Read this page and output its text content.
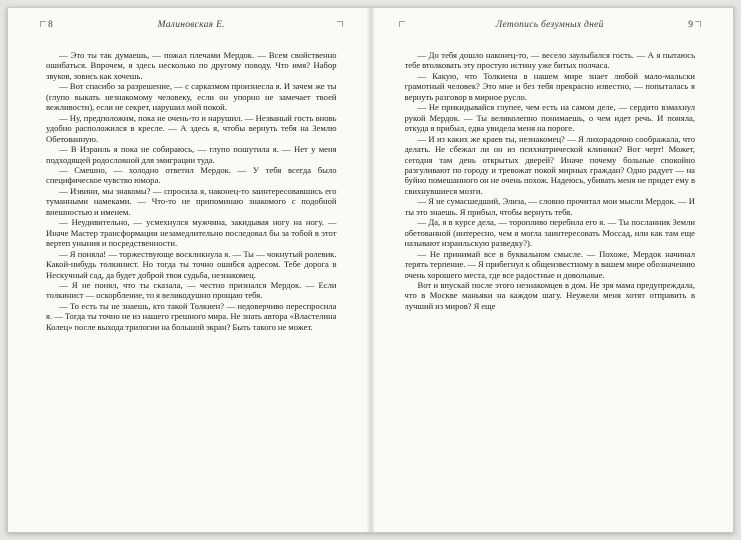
8	Малиновская Е.

— Это ты так думаешь, — пожал плечами Мердок. — Всем свойственно ошибаться. Впрочем, я здесь несколько по другому поводу. Что имя? Набор звуков, зовись как хочешь.

— Вот спасибо за разрешение, — с сарказмом произнесла я. И зачем же ты (глупо выкать незнакомому человеку, если он упорно не замечает твоей вежливости), если не секрет, нарушил мой покой.

— Ну, предположим, пока не очень-то и нарушил. — Незваный гость вновь удобно расположился в кресле. — А здесь я, чтобы вернуть тебя на Землю Обетованную.

— В Израиль я пока не собираюсь, — глупо пошутила я. — Нет у меня подходящей родословной для эмиграции туда.

— Смешно, — холодно ответил Мердок. — У тебя всегда было специфическое чувство юмора.

— Извини, мы знакомы? — спросила я, наконец-то заинтересовавшись его туманными намеками. — Что-то не припоминаю знакомого с подобной внешностью и именем.

— Неудивительно, — усмехнулся мужчина, закидывая ногу на ногу. — Иначе Мастер трансформации незамедлительно последовал бы за тобой в этот вертеп уныния и посредственности.

— Я поняла! — торжествующе воскликнула я. — Ты — чокнутый ролевик. Какой-нибудь толкинист. Но тогда ты точно ошибся адресом. Тебе дорога в Нескучный сад, да будет доброй твоя судьба, незнакомец.

— Я не понял, что ты сказала, — честно признался Мердок. — Если толкинист — оскорбление, то я великодушно прощаю тебя.

— То есть ты не знаешь, кто такой Толкиен? — недоверчиво переспросила я. — Тогда ты точно не из нашего грешного мира. Не знать автора «Властелина Колец» после выхода трилогии на большой экран? Быть такого не может.

Летопись безумных дней	9

— До тебя дошло наконец-то, — весело заулыбался гость. — А я пытаюсь тебе втолковать эту простую истину уже битых полчаса.

— Какую, что Толкиена в нашем мире знает любой мало-мальски грамотный человек? Это мне и без тебя прекрасно известно, — попыталась я вернуть разговор в мирное русло.

— Не прикидывайся глупее, чем есть на самом деле, — сердито взмахнул рукой Мердок. — Ты великолепно понимаешь, о чем идет речь. И поняла, откуда я прибыл, едва увидела меня на пороге.

— И из каких же краев ты, незнакомец? — Я лихорадочно соображала, что делать. Не сбежал ли он из психиатрической клиники? Вот черт! Может, сегодня там день открытых дверей? Иначе почему больные спокойно разгуливают по городу и тревожат покой мирных граждан? Одно радует — на буйно помешанного он не очень похож. Надеюсь, убивать меня не придет ему в свихнувшиеся мозги.

— Я не сумасшедший, Элиза, — словно прочитал мои мысли Мердок. — И ты это знаешь. Я прибыл, чтобы вернуть тебя.

— Да, я в курсе дела, — торопливо перебила его я. — Ты посланник Земли обетованной (интересно, чем я могла заинтересовать Моссад, или как там еще называют израильскую разведку?).

— Не принимай все в буквальном смысле. — Похоже, Мердок начинал терять терпение. — Я прибегнул к общеизвестному в вашем мире обозначению очень хорошего места, где все радостные и довольные.

Вот и впускай после этого незнакомцев в дом. Не зря мама предупреждала, что в Москве маньяки на каждом шагу. Неужели меня хотят отправить в лучший из миров? Я еще
